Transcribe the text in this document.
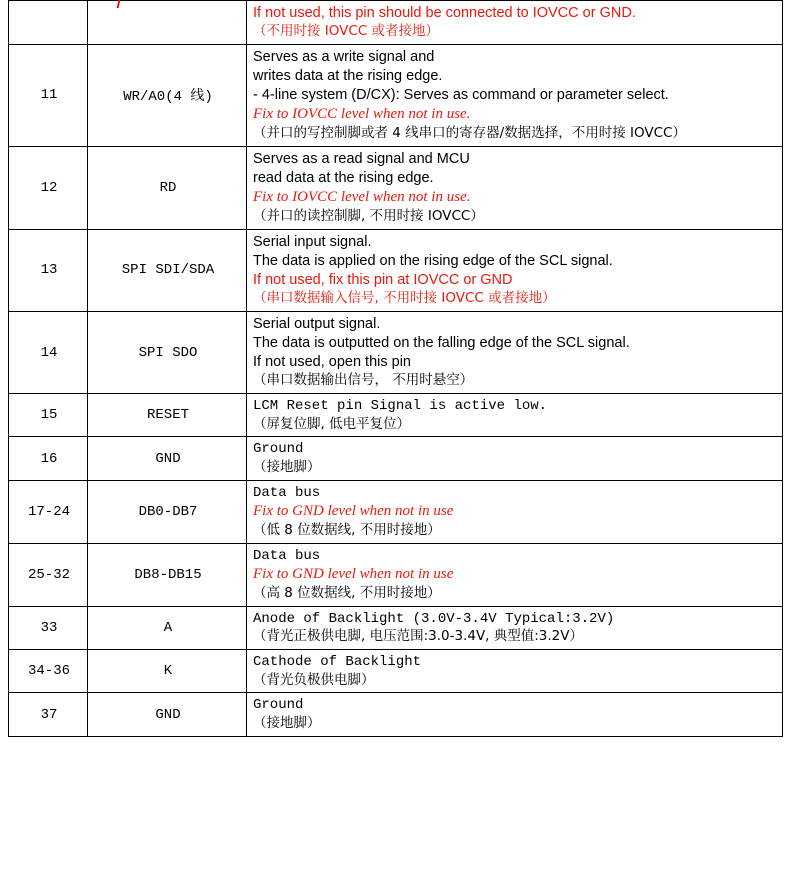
		If not used, this pin should be connected to IOVCC or GND.
（不用时接 IOVCC 或者接地）

11	WR/A0(4 线)	Serves as a write signal and
writes data at the rising edge.
- 4-line system (D/CX): Serves as command or parameter select.
Fix to IOVCC level when not in use.
（并口的写控制脚或者 4 线串口的寄存器/数据选择，不用时接 IOVCC）

12	RD	Serves as a read signal and MCU
read data at the rising edge.
Fix to IOVCC level when not in use.
（并口的读控制脚, 不用时接 IOVCC）

13	SPI SDI/SDA	Serial input signal.
The data is applied on the rising edge of the SCL signal.
If not used, fix this pin at IOVCC or GND
（串口数据输入信号, 不用时接 IOVCC 或者接地）

14	SPI SDO	Serial output signal.
The data is outputted on the falling edge of the SCL signal.
If not used, open this pin
（串口数据输出信号， 不用时悬空）

15	RESET	LCM Reset pin Signal is active low.
（屏复位脚, 低电平复位）

16	GND	Ground
（接地脚）

17-24	DB0-DB7	Data bus
Fix to GND level when not in use
（低 8 位数据线, 不用时接地）

25-32	DB8-DB15	Data bus
Fix to GND level when not in use
（高 8 位数据线, 不用时接地）

33	A	Anode of Backlight (3.0V-3.4V Typical:3.2V)
（背光正极供电脚, 电压范围:3.0-3.4V, 典型值:3.2V）

34-36	K	Cathode of Backlight
（背光负极供电脚）

37	GND	Ground
（接地脚）
